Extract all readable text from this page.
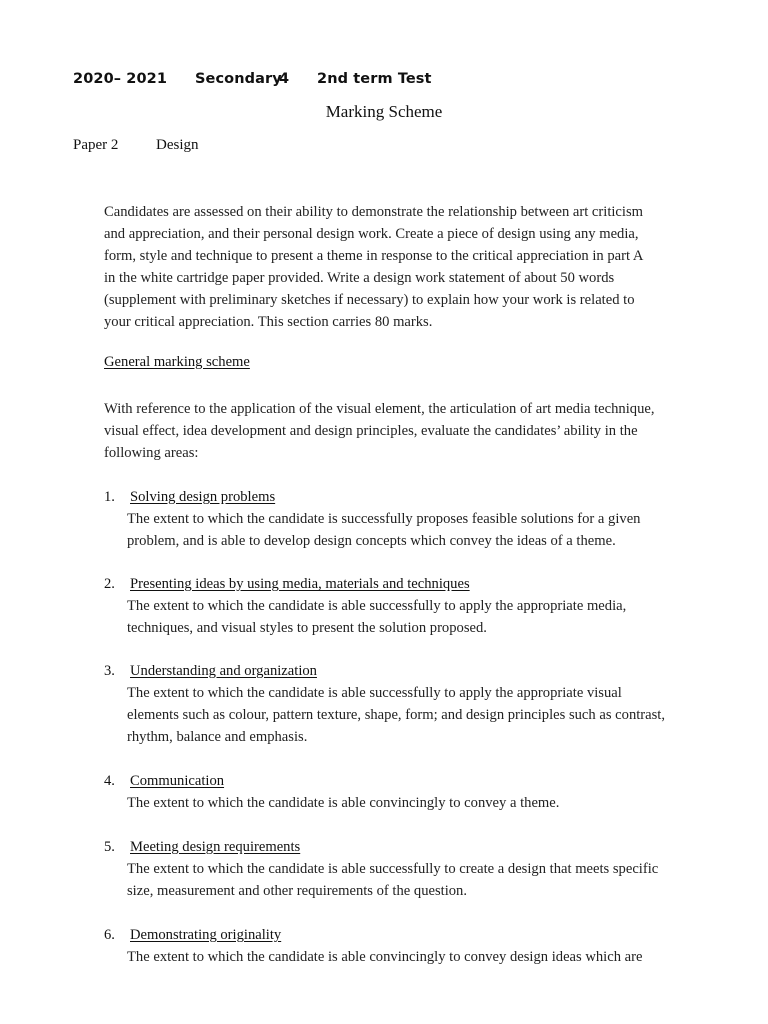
2020– 2021 Secondary4 2nd term Test
Marking Scheme
Paper 2	Design
Candidates are assessed on their ability to demonstrate the relationship between art criticism
and appreciation, and their personal design work. Create a piece of design using any media,
form, style and technique to present a theme in response to the critical appreciation in part A
in the white cartridge paper provided. Write a design work statement of about 50 words
(supplement with preliminary sketches if necessary) to explain how your work is related to
your critical appreciation. This section carries 80 marks.
General marking scheme
With reference to the application of the visual element, the articulation of art media technique,
visual effect, idea development and design principles, evaluate the candidates’ ability in the
following areas:
1. Solving design problems
The extent to which the candidate is successfully proposes feasible solutions for a given
problem, and is able to develop design concepts which convey the ideas of a theme.
2. Presenting ideas by using media, materials and techniques
The extent to which the candidate is able successfully to apply the appropriate media,
techniques, and visual styles to present the solution proposed.
3. Understanding and organization
The extent to which the candidate is able successfully to apply the appropriate visual
elements such as colour, pattern texture, shape, form; and design principles such as contrast,
rhythm, balance and emphasis.
4. Communication
The extent to which the candidate is able convincingly to convey a theme.
5. Meeting design requirements
The extent to which the candidate is able successfully to create a design that meets specific
size, measurement and other requirements of the question.
6. Demonstrating originality
The extent to which the candidate is able convincingly to convey design ideas which are
